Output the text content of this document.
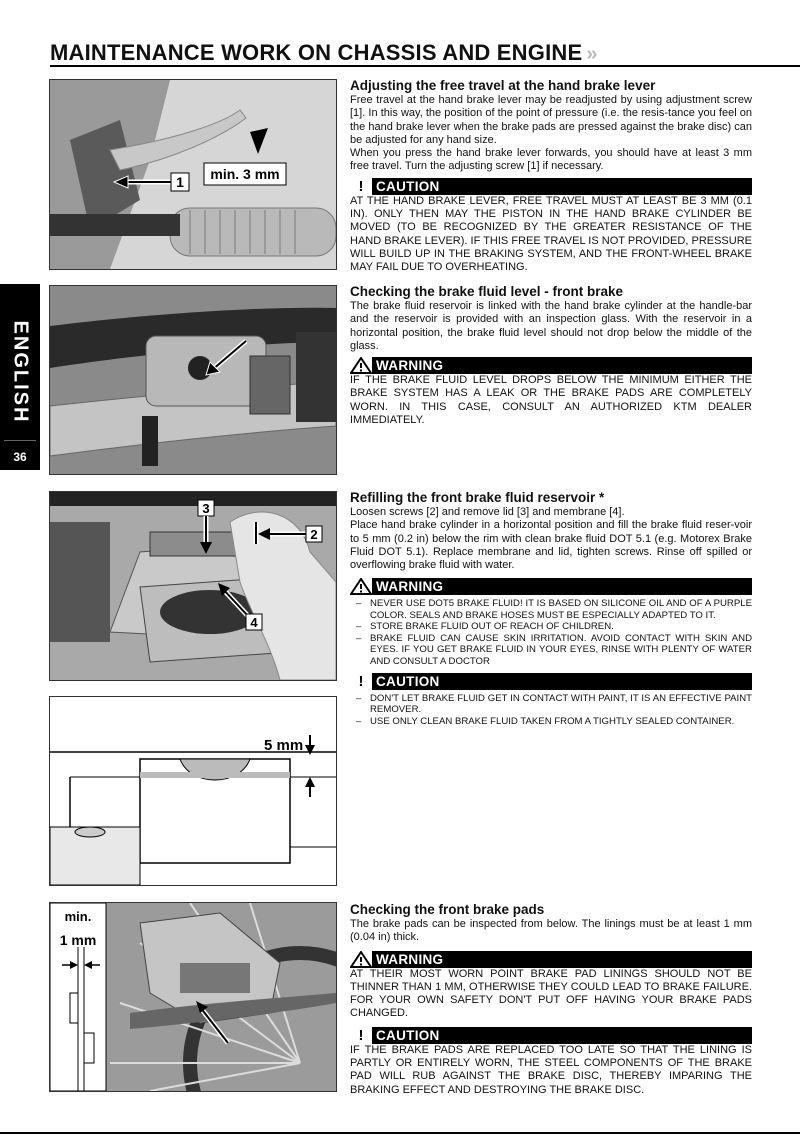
MAINTENANCE WORK ON CHASSIS AND ENGINE »
ENGLISH
36
1 min. 3 mm
3
2
4
5 mm
min.
1 mm
Adjusting the free travel at the hand brake lever

Free travel at the hand brake lever may be readjusted by using adjustment screw [1]. In this way, the position of the point of pressure (i.e. the resis-tance you feel on the hand brake lever when the brake pads are pressed against the brake disc) can be adjusted for any hand size.

When you press the hand brake lever forwards, you should have at least 3 mm free travel. Turn the adjusting screw [1] if necessary.

! CAUTION

AT THE HAND BRAKE LEVER, FREE TRAVEL MUST AT LEAST BE 3 MM (0.1 IN). ONLY THEN MAY THE PISTON IN THE HAND BRAKE CYLINDER BE MOVED (TO BE RECOGNIZED BY THE GREATER RESISTANCE OF THE HAND BRAKE LEVER). IF THIS FREE TRAVEL IS NOT PROVIDED, PRESSURE WILL BUILD UP IN THE BRAKING SYSTEM, AND THE FRONT-WHEEL BRAKE MAY FAIL DUE TO OVERHEATING.

Checking the brake fluid level - front brake

The brake fluid reservoir is linked with the hand brake cylinder at the handle-bar and the reservoir is provided with an inspection glass. With the reservoir in a horizontal position, the brake fluid level should not drop below the middle of the glass.

WARNING

IF THE BRAKE FLUID LEVEL DROPS BELOW THE MINIMUM EITHER THE BRAKE SYSTEM HAS A LEAK OR THE BRAKE PADS ARE COMPLETELY WORN. IN THIS CASE, CONSULT AN AUTHORIZED KTM DEALER IMMEDIATELY.

Refilling the front brake fluid reservoir *

Loosen screws [2] and remove lid [3] and membrane [4].

Place hand brake cylinder in a horizontal position and fill the brake fluid reser-voir to 5 mm (0.2 in) below the rim with clean brake fluid DOT 5.1 (e.g. Motorex Brake Fluid DOT 5.1). Replace membrane and lid, tighten screws. Rinse off spilled or overflowing brake fluid with water.

WARNING
– NEVER USE DOT5 BRAKE FLUID! IT IS BASED ON SILICONE OIL AND OF A PURPLE COLOR. SEALS AND BRAKE HOSES MUST BE ESPECIALLY ADAPTED TO IT.
– STORE BRAKE FLUID OUT OF REACH OF CHILDREN.
– BRAKE FLUID CAN CAUSE SKIN IRRITATION. AVOID CONTACT WITH SKIN AND EYES. IF YOU GET BRAKE FLUID IN YOUR EYES, RINSE WITH PLENTY OF WATER AND CONSULT A DOCTOR
! CAUTION
– DON'T LET BRAKE FLUID GET IN CONTACT WITH PAINT, IT IS AN EFFECTIVE PAINT REMOVER.
– USE ONLY CLEAN BRAKE FLUID TAKEN FROM A TIGHTLY SEALED CONTAINER.
Checking the front brake pads

The brake pads can be inspected from below. The linings must be at least 1 mm (0.04 in) thick.

WARNING

AT THEIR MOST WORN POINT BRAKE PAD LININGS SHOULD NOT BE THINNER THAN 1 MM, OTHERWISE THEY COULD LEAD TO BRAKE FAILURE. FOR YOUR OWN SAFETY DON'T PUT OFF HAVING YOUR BRAKE PADS CHANGED.

! CAUTION

IF THE BRAKE PADS ARE REPLACED TOO LATE SO THAT THE LINING IS PARTLY OR ENTIRELY WORN, THE STEEL COMPONENTS OF THE BRAKE PAD WILL RUB AGAINST THE BRAKE DISC, THEREBY IMPARING THE BRAKING EFFECT AND DESTROYING THE BRAKE DISC.
